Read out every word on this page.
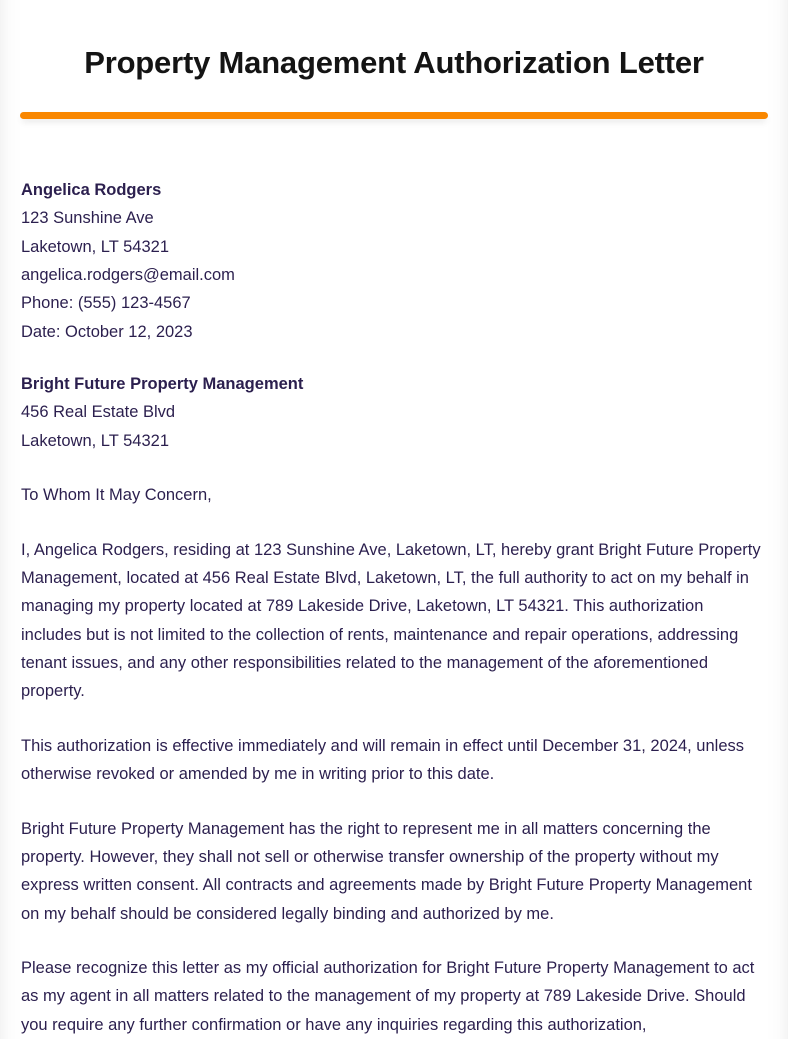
Property Management Authorization Letter

Angelica Rodgers

123 Sunshine Ave

Laketown, LT 54321

angelica.rodgers@email.com

Phone: (555) 123-4567

Date: October 12, 2023

Bright Future Property Management

456 Real Estate Blvd

Laketown, LT 54321

To Whom It May Concern,

I, Angelica Rodgers, residing at 123 Sunshine Ave, Laketown, LT, hereby grant Bright Future Property Management, located at 456 Real Estate Blvd, Laketown, LT, the full authority to act on my behalf in managing my property located at 789 Lakeside Drive, Laketown, LT 54321. This authorization includes but is not limited to the collection of rents, maintenance and repair operations, addressing tenant issues, and any other responsibilities related to the management of the aforementioned property.

This authorization is effective immediately and will remain in effect until December 31, 2024, unless otherwise revoked or amended by me in writing prior to this date.

Bright Future Property Management has the right to represent me in all matters concerning the property. However, they shall not sell or otherwise transfer ownership of the property without my express written consent. All contracts and agreements made by Bright Future Property Management on my behalf should be considered legally binding and authorized by me.

Please recognize this letter as my official authorization for Bright Future Property Management to act as my agent in all matters related to the management of my property at 789 Lakeside Drive. Should you require any further confirmation or have any inquiries regarding this authorization,
